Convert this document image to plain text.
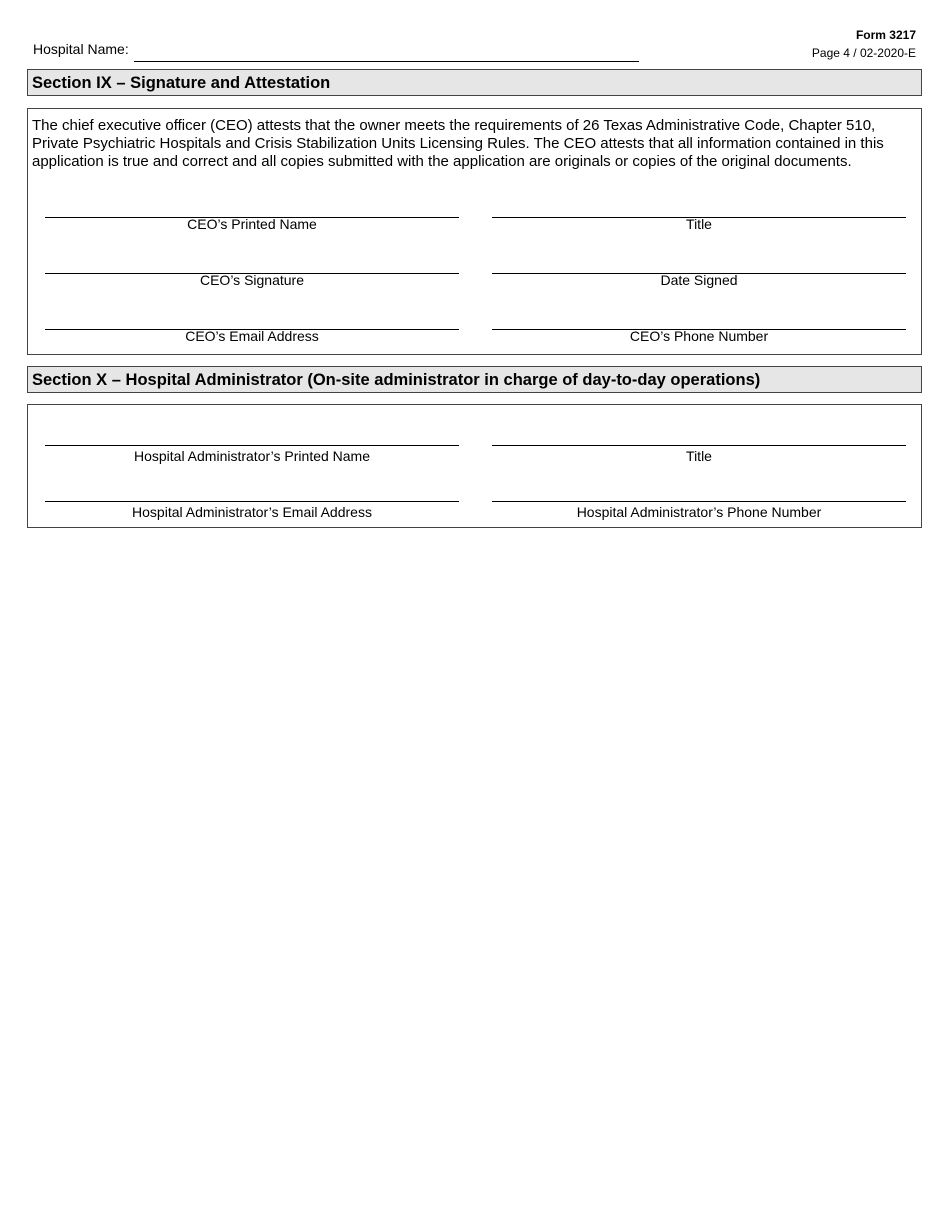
Form 3217
Page 4 / 02-2020-E
Hospital Name:
Section IX – Signature and Attestation
The chief executive officer (CEO) attests that the owner meets the requirements of 26 Texas Administrative Code, Chapter 510, Private Psychiatric Hospitals and Crisis Stabilization Units Licensing Rules. The CEO attests that all information contained in this application is true and correct and all copies submitted with the application are originals or copies of the original documents.
CEO’s Printed Name	Title
CEO’s Signature	Date Signed
CEO’s Email Address	CEO’s Phone Number
Section X – Hospital Administrator (On-site administrator in charge of day-to-day operations)
Hospital Administrator’s Printed Name	Title
Hospital Administrator’s Email Address	Hospital Administrator’s Phone Number
